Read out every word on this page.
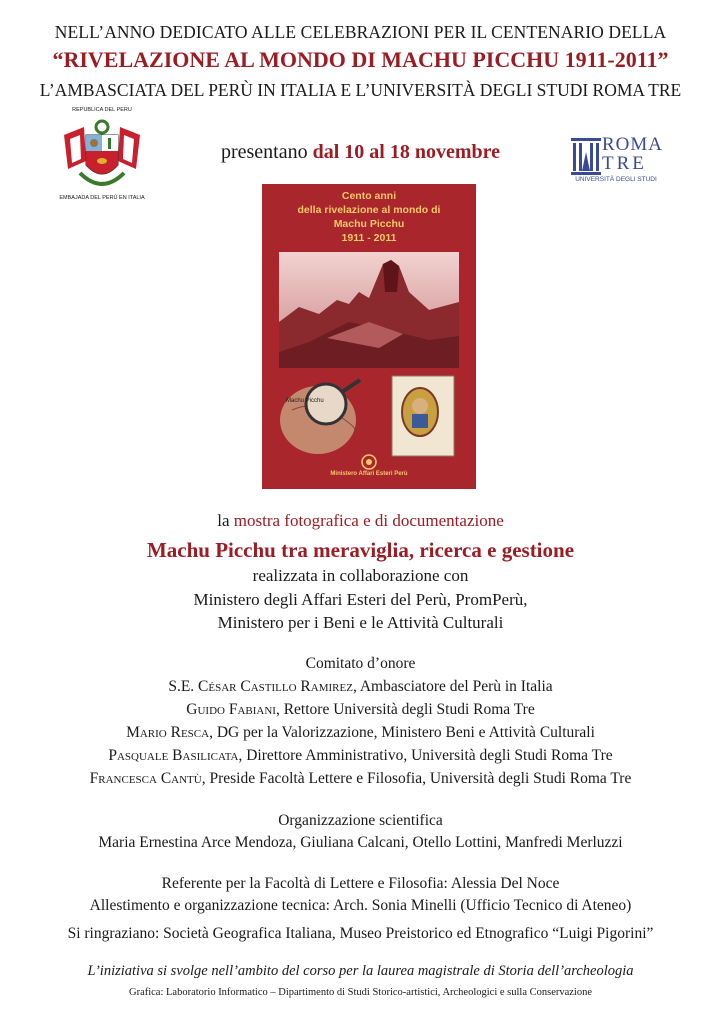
NELL’ANNO DEDICATO ALLE CELEBRAZIONI PER IL CENTENARIO DELLA
“RIVELAZIONE AL MONDO DI MACHU PICCHU 1911-2011”
L’AMBASCIATA DEL PERÙ IN ITALIA E L’UNIVERSITÀ DEGLI STUDI ROMA TRE
REPUBLICA DEL PERU
EMBAJADA DEL PERÚ EN ITALIA
ROMA
TRE
UNIVERSITÀ DEGLI STUDI
presentano dal 10 al 18 novembre
Cento anni
della rivelazione al mondo di
Machu Picchu
1911 - 2011
Machu Picchu
Ministero Affari Esteri Perù
la mostra fotografica e di documentazione
Machu Picchu tra meraviglia, ricerca e gestione
realizzata in collaborazione con
Ministero degli Affari Esteri del Perù, PromPerù,
Ministero per i Beni e le Attività Culturali
Comitato d’onore
S.E. César Castillo Ramirez, Ambasciatore del Perù in Italia
Guido Fabiani, Rettore Università degli Studi Roma Tre
Mario Resca, DG per la Valorizzazione, Ministero Beni e Attività Culturali
Pasquale Basilicata, Direttore Amministrativo, Università degli Studi Roma Tre
Francesca Cantù, Preside Facoltà Lettere e Filosofia, Università degli Studi Roma Tre
Organizzazione scientifica
Maria Ernestina Arce Mendoza, Giuliana Calcani, Otello Lottini, Manfredi Merluzzi
Referente per la Facoltà di Lettere e Filosofia: Alessia Del Noce
Allestimento e organizzazione tecnica: Arch. Sonia Minelli (Ufficio Tecnico di Ateneo)
Si ringraziano: Società Geografica Italiana, Museo Preistorico ed Etnografico “Luigi Pigorini”
L’iniziativa si svolge nell’ambito del corso per la laurea magistrale di Storia dell’archeologia
Grafica: Laboratorio Informatico – Dipartimento di Studi Storico-artistici, Archeologici e sulla Conservazione
